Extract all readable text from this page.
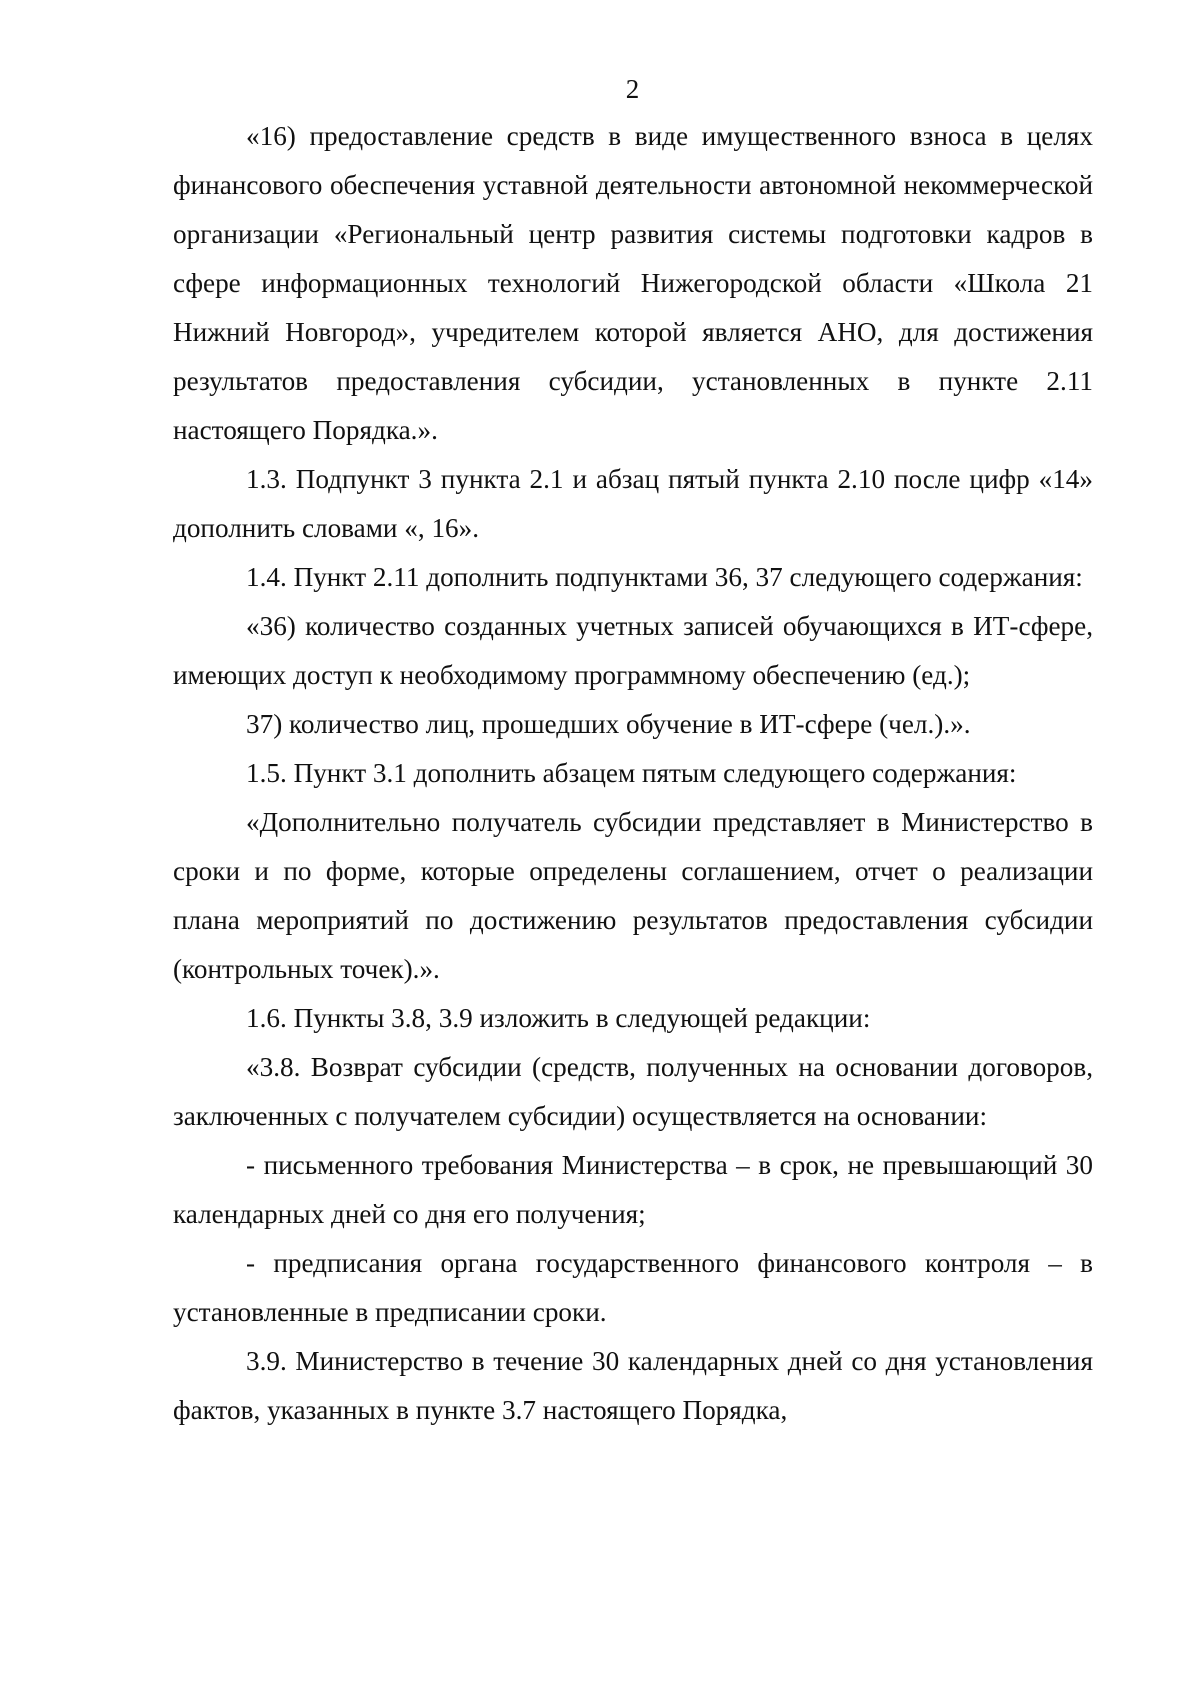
2

«16) предоставление средств в виде имущественного взноса в целях финансового обеспечения уставной деятельности автономной некоммерческой организации «Региональный центр развития системы подготовки кадров в сфере информационных технологий Нижегородской области «Школа 21 Нижний Новгород», учредителем которой является АНО, для достижения результатов предоставления субсидии, установленных в пункте 2.11 настоящего Порядка.».

1.3. Подпункт 3 пункта 2.1 и абзац пятый пункта 2.10 после цифр «14» дополнить словами «, 16».

1.4. Пункт 2.11 дополнить подпунктами 36, 37 следующего содержания:

«36) количество созданных учетных записей обучающихся в ИТ-сфере, имеющих доступ к необходимому программному обеспечению (ед.);

37) количество лиц, прошедших обучение в ИТ-сфере (чел.).».

1.5. Пункт 3.1 дополнить абзацем пятым следующего содержания:

«Дополнительно получатель субсидии представляет в Министерство в сроки и по форме, которые определены соглашением, отчет о реализации плана мероприятий по достижению результатов предоставления субсидии (контрольных точек).».

1.6. Пункты 3.8, 3.9 изложить в следующей редакции:

«3.8. Возврат субсидии (средств, полученных на основании договоров, заключенных с получателем субсидии) осуществляется на основании:

- письменного требования Министерства – в срок, не превышающий 30 календарных дней со дня его получения;

- предписания органа государственного финансового контроля – в установленные в предписании сроки.

3.9. Министерство в течение 30 календарных дней со дня установления фактов, указанных в пункте 3.7 настоящего Порядка,
